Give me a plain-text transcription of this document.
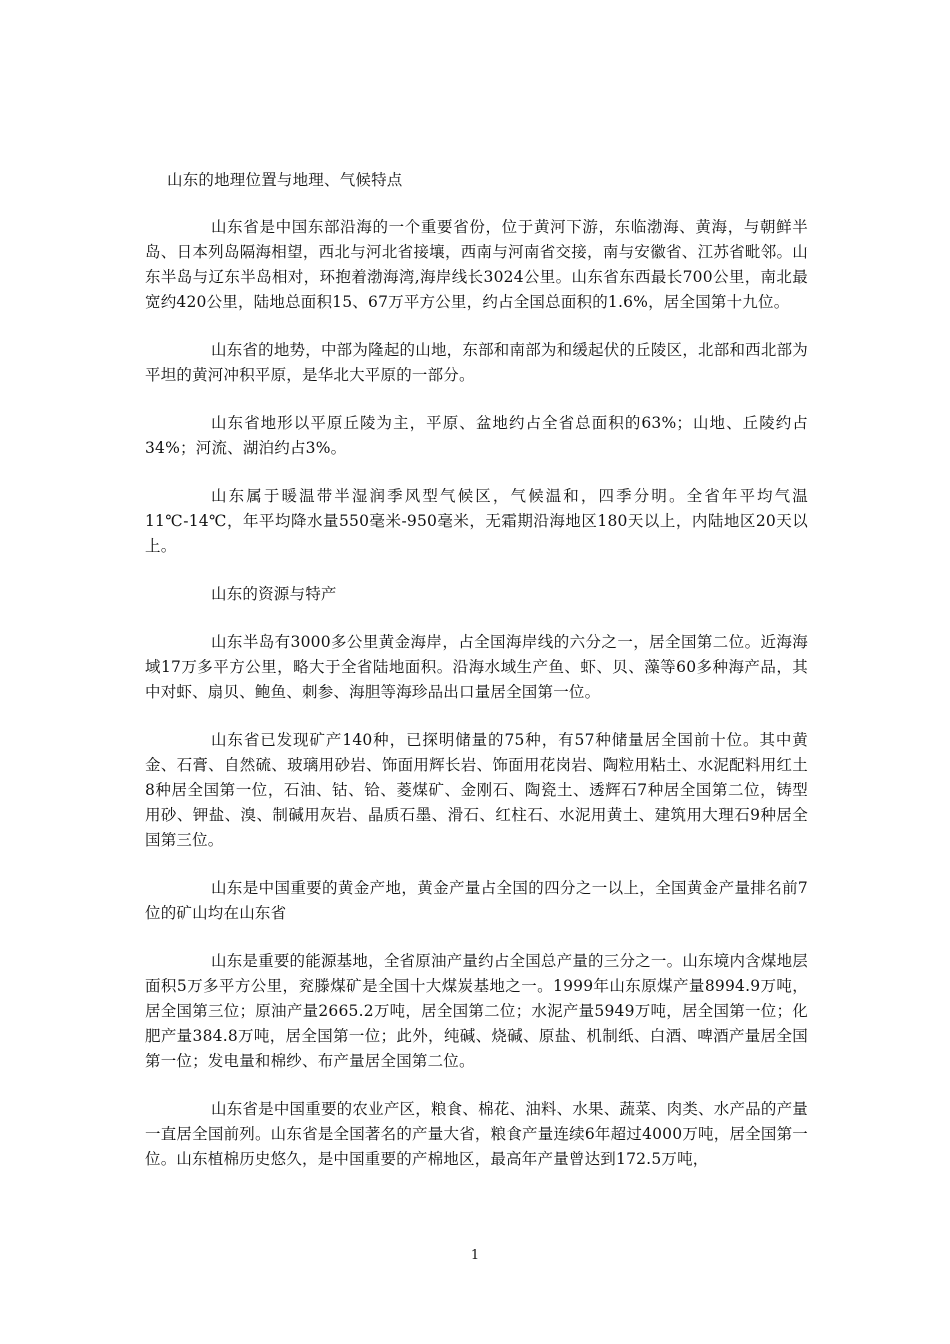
山东的地理位置与地理、气候特点

山东省是中国东部沿海的一个重要省份，位于黄河下游，东临渤海、黄海，与朝鲜半岛、日本列岛隔海相望，西北与河北省接壤，西南与河南省交接，南与安徽省、江苏省毗邻。山东半岛与辽东半岛相对，环抱着渤海湾,海岸线长3024公里。山东省东西最长700公里，南北最宽约420公里，陆地总面积15、67万平方公里，约占全国总面积的1.6%，居全国第十九位。

山东省的地势，中部为隆起的山地，东部和南部为和缓起伏的丘陵区，北部和西北部为平坦的黄河冲积平原，是华北大平原的一部分。

山东省地形以平原丘陵为主，平原、盆地约占全省总面积的63%；山地、丘陵约占34%；河流、湖泊约占3%。

山东属于暖温带半湿润季风型气候区，气候温和，四季分明。全省年平均气温11℃-14℃，年平均降水量550毫米-950毫米，无霜期沿海地区180天以上，内陆地区20天以上。

山东的资源与特产

山东半岛有3000多公里黄金海岸，占全国海岸线的六分之一，居全国第二位。近海海域17万多平方公里，略大于全省陆地面积。沿海水域生产鱼、虾、贝、藻等60多种海产品，其中对虾、扇贝、鲍鱼、刺参、海胆等海珍品出口量居全国第一位。

山东省已发现矿产140种，已探明储量的75种，有57种储量居全国前十位。其中黄金、石膏、自然硫、玻璃用砂岩、饰面用辉长岩、饰面用花岗岩、陶粒用粘土、水泥配料用红土8种居全国第一位，石油、钴、铪、菱煤矿、金刚石、陶瓷土、透辉石7种居全国第二位，铸型用砂、钾盐、溴、制碱用灰岩、晶质石墨、滑石、红柱石、水泥用黄土、建筑用大理石9种居全国第三位。

山东是中国重要的黄金产地，黄金产量占全国的四分之一以上，全国黄金产量排名前7位的矿山均在山东省

山东是重要的能源基地，全省原油产量约占全国总产量的三分之一。山东境内含煤地层面积5万多平方公里，兖滕煤矿是全国十大煤炭基地之一。1999年山东原煤产量8994.9万吨，居全国第三位；原油产量2665.2万吨，居全国第二位；水泥产量5949万吨，居全国第一位；化肥产量384.8万吨，居全国第一位；此外，纯碱、烧碱、原盐、机制纸、白酒、啤酒产量居全国第一位；发电量和棉纱、布产量居全国第二位。

山东省是中国重要的农业产区，粮食、棉花、油料、水果、蔬菜、肉类、水产品的产量一直居全国前列。山东省是全国著名的产量大省，粮食产量连续6年超过4000万吨，居全国第一位。山东植棉历史悠久，是中国重要的产棉地区，最高年产量曾达到172.5万吨，

1
